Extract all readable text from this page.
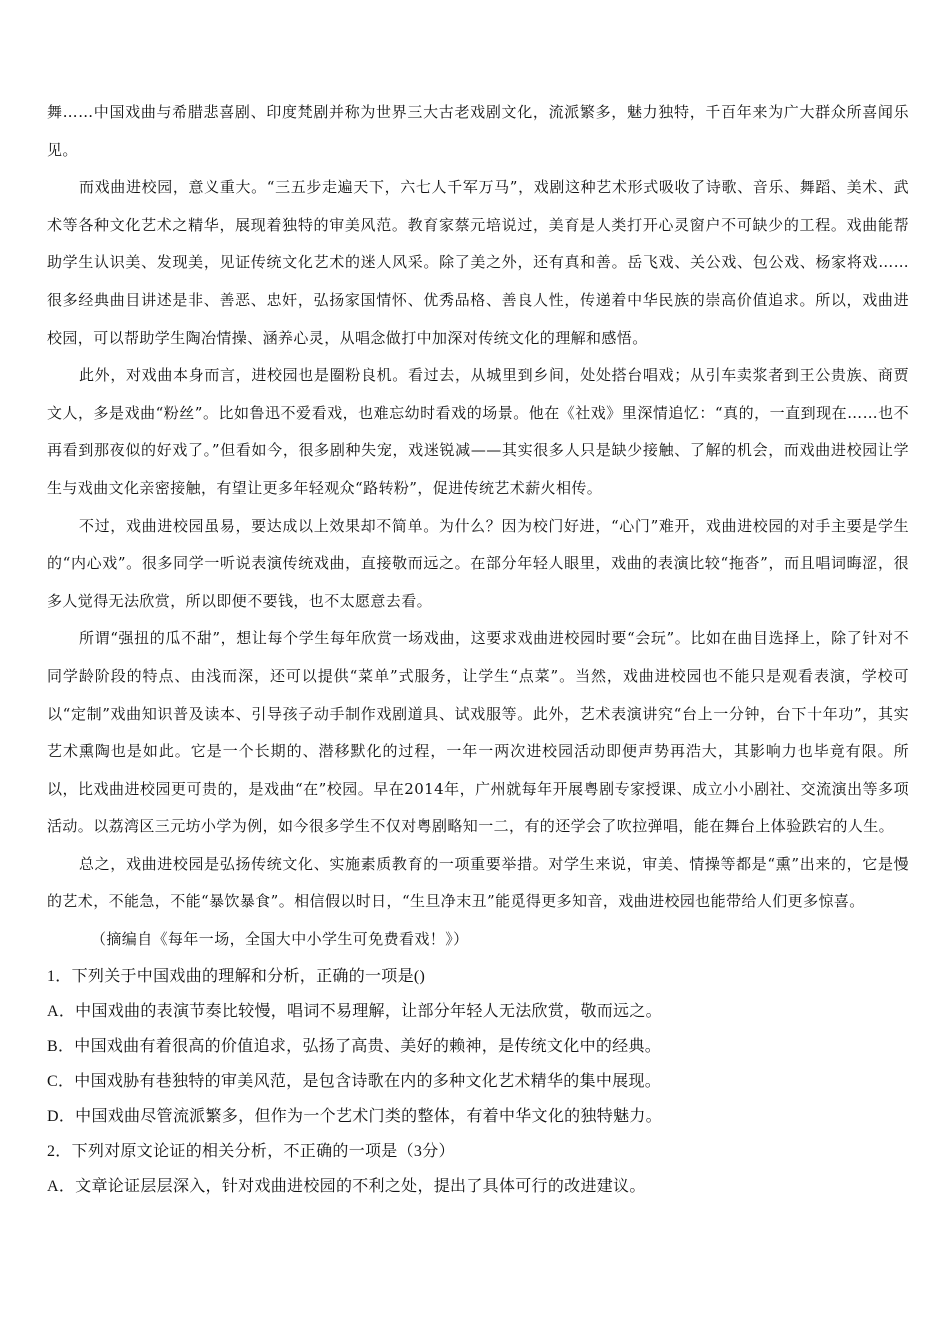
舞……中国戏曲与希腊悲喜剧、印度梵剧并称为世界三大古老戏剧文化，流派繁多，魅力独特，千百年来为广大群众所喜闻乐见。

而戏曲进校园，意义重大。“三五步走遍天下，六七人千军万马”，戏剧这种艺术形式吸收了诗歌、音乐、舞蹈、美术、武术等各种文化艺术之精华，展现着独特的审美风范。教育家蔡元培说过，美育是人类打开心灵窗户不可缺少的工程。戏曲能帮助学生认识美、发现美，见证传统文化艺术的迷人风采。除了美之外，还有真和善。岳飞戏、关公戏、包公戏、杨家将戏……很多经典曲目讲述是非、善恶、忠奸，弘扬家国情怀、优秀品格、善良人性，传递着中华民族的崇高价值追求。所以，戏曲进校园，可以帮助学生陶冶情操、涵养心灵，从唱念做打中加深对传统文化的理解和感悟。

此外，对戏曲本身而言，进校园也是圈粉良机。看过去，从城里到乡间，处处搭台唱戏；从引车卖浆者到王公贵族、商贾文人，多是戏曲“粉丝”。比如鲁迅不爱看戏，也难忘幼时看戏的场景。他在《社戏》里深情追忆：“真的，一直到现在……也不再看到那夜似的好戏了。”但看如今，很多剧种失宠，戏迷锐减——其实很多人只是缺少接触、了解的机会，而戏曲进校园让学生与戏曲文化亲密接触，有望让更多年轻观众“路转粉”，促进传统艺术薪火相传。

不过，戏曲进校园虽易，要达成以上效果却不简单。为什么？因为校门好进，“心门”难开，戏曲进校园的对手主要是学生的“内心戏”。很多同学一听说表演传统戏曲，直接敬而远之。在部分年轻人眼里，戏曲的表演比较“拖沓”，而且唱词晦涩，很多人觉得无法欣赏，所以即便不要钱，也不太愿意去看。

所谓“强扭的瓜不甜”，想让每个学生每年欣赏一场戏曲，这要求戏曲进校园时要“会玩”。比如在曲目选择上，除了针对不同学龄阶段的特点、由浅而深，还可以提供“菜单”式服务，让学生“点菜”。当然，戏曲进校园也不能只是观看表演，学校可以“定制”戏曲知识普及读本、引导孩子动手制作戏剧道具、试戏服等。此外，艺术表演讲究“台上一分钟，台下十年功”，其实艺术熏陶也是如此。它是一个长期的、潜移默化的过程，一年一两次进校园活动即便声势再浩大，其影响力也毕竟有限。所以，比戏曲进校园更可贵的，是戏曲“在”校园。早在2014年，广州就每年开展粤剧专家授课、成立小小剧社、交流演出等多项活动。以荔湾区三元坊小学为例，如今很多学生不仅对粤剧略知一二，有的还学会了吹拉弹唱，能在舞台上体验跌宕的人生。

总之，戏曲进校园是弘扬传统文化、实施素质教育的一项重要举措。对学生来说，审美、情操等都是“熏”出来的，它是慢的艺术，不能急，不能“暴饮暴食”。相信假以时日，“生旦净末丑”能觅得更多知音，戏曲进校园也能带给人们更多惊喜。

（摘编自《每年一场，全国大中小学生可免费看戏！》）

1．下列关于中国戏曲的理解和分析，正确的一项是()

A．中国戏曲的表演节奏比较慢，唱词不易理解，让部分年轻人无法欣赏，敬而远之。

B．中国戏曲有着很高的价值追求，弘扬了高贵、美好的赖神，是传统文化中的经典。

C．中国戏胁有巷独特的审美风范，是包含诗歌在内的多种文化艺术精华的集中展现。

D．中国戏曲尽管流派繁多，但作为一个艺术门类的整体，有着中华文化的独特魅力。

2．下列对原文论证的相关分析，不正确的一项是（3分）

A．文章论证层层深入，针对戏曲进校园的不利之处，提出了具体可行的改进建议。
